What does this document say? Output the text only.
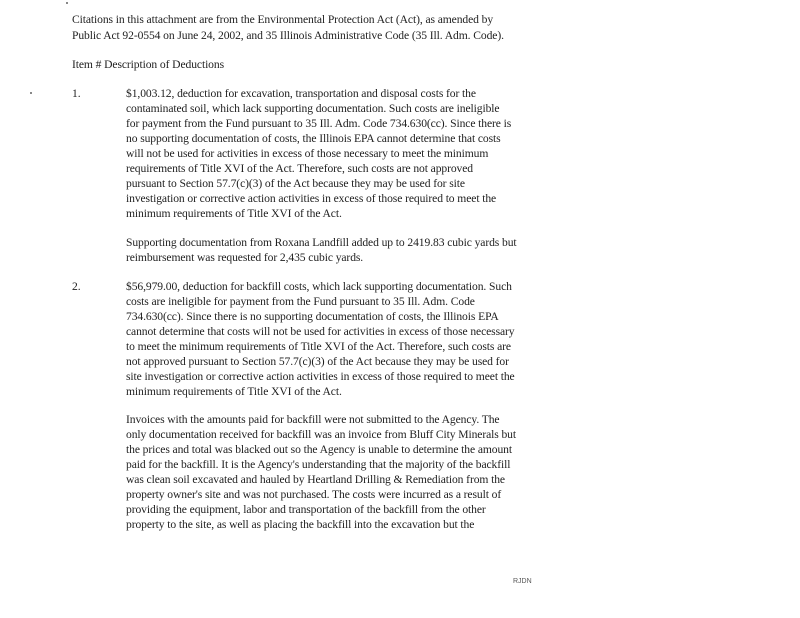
Citations in this attachment are from the Environmental Protection Act (Act), as amended by
Public Act 92-0554 on June 24, 2002, and 35 Illinois Administrative Code (35 Ill. Adm. Code).
Item # Description of Deductions
1.	$1,003.12, deduction for excavation, transportation and disposal costs for the
contaminated soil, which lack supporting documentation. Such costs are ineligible
for payment from the Fund pursuant to 35 Ill. Adm. Code 734.630(cc). Since there is
no supporting documentation of costs, the Illinois EPA cannot determine that costs
will not be used for activities in excess of those necessary to meet the minimum
requirements of Title XVI of the Act. Therefore, such costs are not approved
pursuant to Section 57.7(c)(3) of the Act because they may be used for site
investigation or corrective action activities in excess of those required to meet the
minimum requirements of Title XVI of the Act.
Supporting documentation from Roxana Landfill added up to 2419.83 cubic yards but
reimbursement was requested for 2,435 cubic yards.
2.	$56,979.00, deduction for backfill costs, which lack supporting documentation. Such
costs are ineligible for payment from the Fund pursuant to 35 Ill. Adm. Code
734.630(cc). Since there is no supporting documentation of costs, the Illinois EPA
cannot determine that costs will not be used for activities in excess of those necessary
to meet the minimum requirements of Title XVI of the Act. Therefore, such costs are
not approved pursuant to Section 57.7(c)(3) of the Act because they may be used for
site investigation or corrective action activities in excess of those required to meet the
minimum requirements of Title XVI of the Act.
Invoices with the amounts paid for backfill were not submitted to the Agency. The
only documentation received for backfill was an invoice from Bluff City Minerals but
the prices and total was blacked out so the Agency is unable to determine the amount
paid for the backfill. It is the Agency's understanding that the majority of the backfill
was clean soil excavated and hauled by Heartland Drilling & Remediation from the
property owner's site and was not purchased. The costs were incurred as a result of
providing the equipment, labor and transportation of the backfill from the other
property to the site, as well as placing the backfill into the excavation but the
RJDN
